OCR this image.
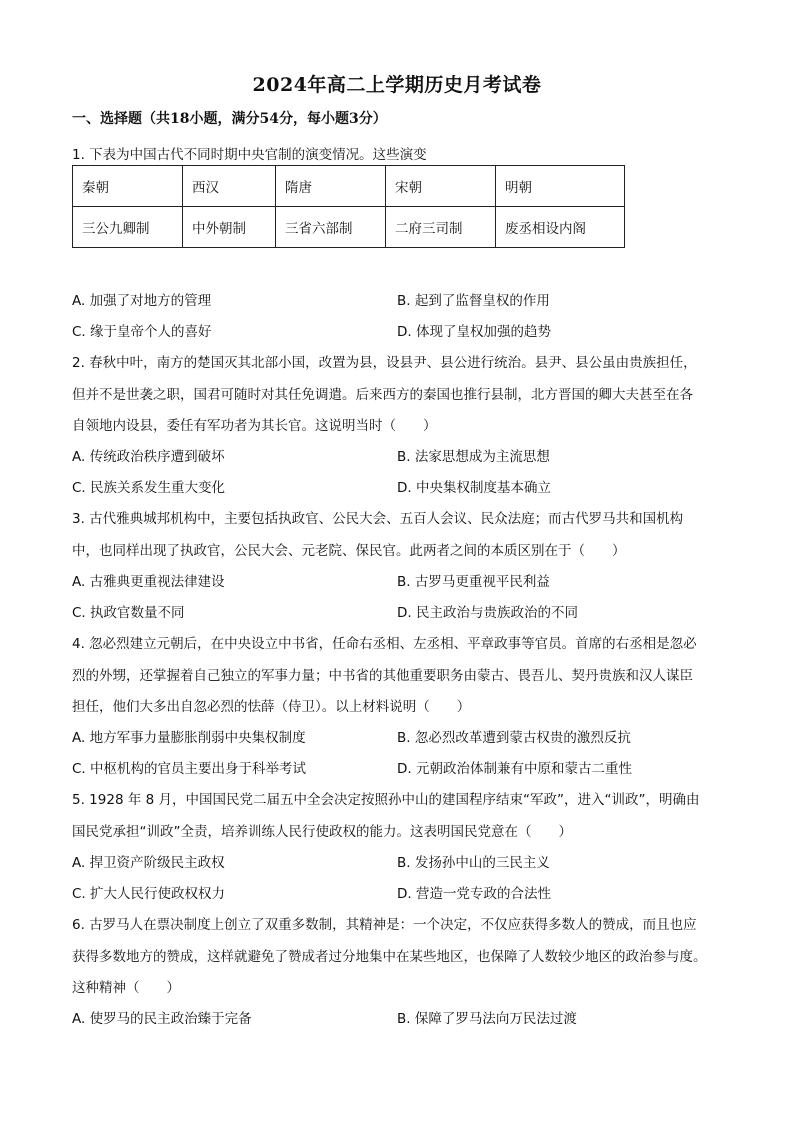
2024年高二上学期历史月考试卷
一、选择题（共18小题，满分54分，每小题3分）
1. 下表为中国古代不同时期中央官制的演变情况。这些演变
秦朝	西汉	隋唐	宋朝	明朝
三公九卿制	中外朝制	三省六部制	二府三司制	废丞相设内阁
A. 加强了对地方的管理	B. 起到了监督皇权的作用
C. 缘于皇帝个人的喜好	D. 体现了皇权加强的趋势
2. 春秋中叶，南方的楚国灭其北部小国，改置为县，设县尹、县公进行统治。县尹、县公虽由贵族担任，
但并不是世袭之职，国君可随时对其任免调遣。后来西方的秦国也推行县制，北方晋国的卿大夫甚至在各
自领地内设县，委任有军功者为其长官。这说明当时（　　）
A. 传统政治秩序遭到破坏	B. 法家思想成为主流思想
C. 民族关系发生重大变化	D. 中央集权制度基本确立
3. 古代雅典城邦机构中，主要包括执政官、公民大会、五百人会议、民众法庭；而古代罗马共和国机构
中，也同样出现了执政官，公民大会、元老院、保民官。此两者之间的本质区别在于（　　）
A. 古雅典更重视法律建设	B. 古罗马更重视平民利益
C. 执政官数量不同	D. 民主政治与贵族政治的不同
4. 忽必烈建立元朝后，在中央设立中书省，任命右丞相、左丞相、平章政事等官员。首席的右丞相是忽必
烈的外甥，还掌握着自己独立的军事力量；中书省的其他重要职务由蒙古、畏吾儿、契丹贵族和汉人谋臣
担任，他们大多出自忽必烈的怯薛（侍卫）。以上材料说明（　　）
A. 地方军事力量膨胀削弱中央集权制度	B. 忽必烈改革遭到蒙古权贵的激烈反抗
C. 中枢机构的官员主要出身于科举考试	D. 元朝政治体制兼有中原和蒙古二重性
5. 1928 年 8 月，中国国民党二届五中全会决定按照孙中山的建国程序结束“军政”，进入“训政”，明确由
国民党承担“训政”全责，培养训练人民行使政权的能力。这表明国民党意在（　　）
A. 捍卫资产阶级民主政权	B. 发扬孙中山的三民主义
C. 扩大人民行使政权权力	D. 营造一党专政的合法性
6. 古罗马人在票决制度上创立了双重多数制，其精神是：一个决定，不仅应获得多数人的赞成，而且也应
获得多数地方的赞成，这样就避免了赞成者过分地集中在某些地区，也保障了人数较少地区的政治参与度。
这种精神（　　）
A. 使罗马的民主政治臻于完备	B. 保障了罗马法向万民法过渡
